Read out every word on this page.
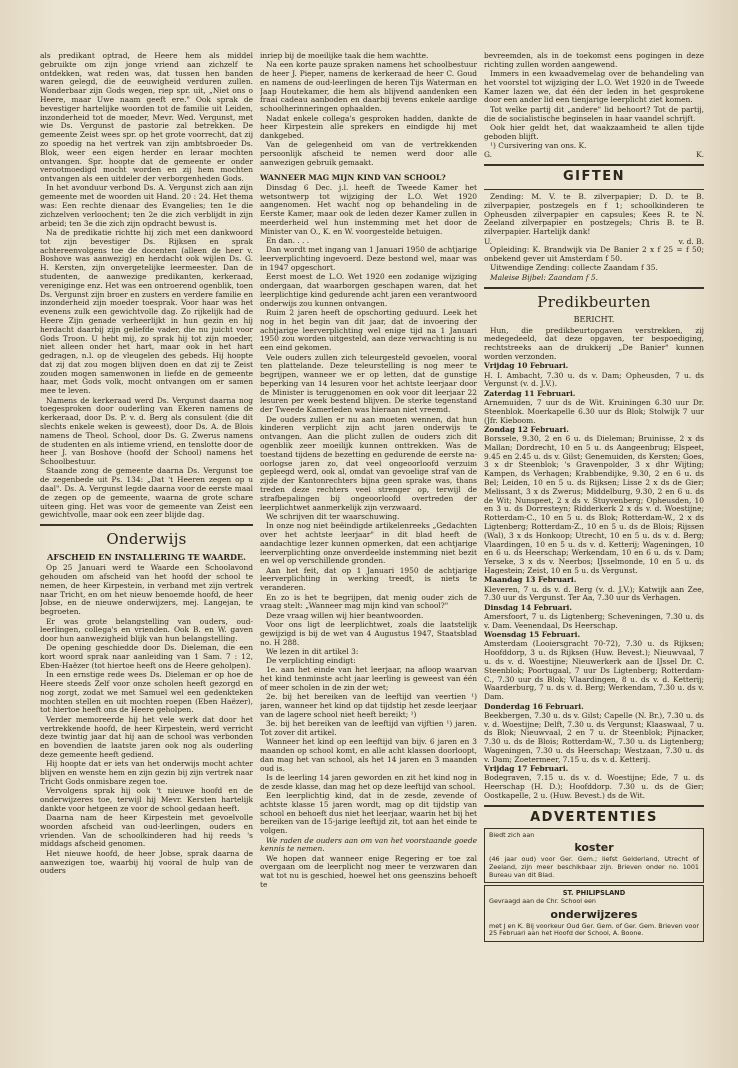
als predikant optrad, de Heere hem als middel gebruikte om zijn jonge vriend aan zichzelf te ontdekken, wat reden was, dat tussen hen banden waren gelegd, die de eeuwigheid verduren zullen. Wonderbaar zijn Gods wegen, riep spr. uit, „Niet ons o Heere, maar Uwe naam geeft ere." Ook sprak de bevestiger hartelijke woorden tot de familie uit Leiden, inzonderheid tot de moeder, Mevr. Wed. Vergunst, met wie Ds. Vergunst de pastorie zal betrekken. De gemeente Zeist wees spr. op het grote voorrecht, dat zij zo spoedig na het vertrek van zijn ambtsbroeder Ds. Blok, weer een eigen herder en leraar mochten ontvangen. Spr. hoopte dat de gemeente er onder verootmoedigd mocht worden en zij hem mochten ontvangen als een uitdeler der verborgenheden Gods.

In het avonduur verbond Ds. A. Vergunst zich aan zijn gemeente met de woorden uit Hand. 20 : 24. Het thema was: Een rechte dienaar des Evangelies; ten 1e die zichzelven verloochent; ten 2e die zich verblijdt in zijn arbeid; ten 3e die zich zijn opdracht bewust is.

Na de predikatie richtte hij zich met een dankwoord tot zijn bevestiger Ds. Rijksen en sprak achtereenvolgens toe de docenten (alleen de heer v. Boshove was aanwezig) en herdacht ook wijlen Ds. G. H. Kersten, zijn onvergetelijke leermeester. Dan de studenten, de aanwezige predikanten, kerkeraad, vereniginge enz. Het was een ontroerend ogenblik, toen Ds. Vergunst zijn broer en zusters en verdere familie en inzonderheid zijn moeder toesprak. Voor haar was het evenens zulk een gewichtvolle dag. Zo rijkelijk had de Heere Zijn genade verheerlijkt in hun gezin en hij herdacht daarbij zijn geliefde vader, die nu juicht voor Gods Troon. U hebt mij, zo sprak hij tot zijn moeder, niet alleen onder het hart, maar ook in het hart gedragen, n.l. op de vleugelen des gebeds. Hij hoopte dat zij dat zou mogen blijven doen en dat zij te Zeist zouden mogen samenwonen in liefde en de gemeente haar, met Gods volk, mocht ontvangen om er samen mee te leven.

Namens de kerkeraad werd Ds. Vergunst daarna nog toegesproken door ouderling van Ekeren namens de kerkeraad, door Ds. P. v. d. Berg als consulent (die dit slechts enkele weken is geweest), door Ds. A. de Blois namens de Theol. School, door Ds. G. Zwerus namens de studenten en als intieme vriend, en tenslotte door de heer J. van Boshove (hoofd der School) namens het Schoolbestuur.

Staande zong de gemeente daarna Ds. Vergunst toe de zegenbede uit Ps. 134: „Dat 't Heeren zegen op u daal". Ds. A. Vergunst legde daarna voor de eerste maal de zegen op de gemeente, waarna de grote schare uiteen ging. Het was voor de gemeente van Zeist een gewichtvolle, maar ook een zeer blijde dag.

Onderwijs
AFSCHEID EN INSTALLERING TE WAARDE.

Op 25 Januari werd te Waarde een Schoolavond gehouden om afscheid van het hoofd der school te nemen, de heer Kirpestein, in verband met zijn vertrek naar Tricht, en om het nieuw benoemde hoofd, de heer Jobse, en de nieuwe onderwijzers, mej. Langejan, te begroeten.

Er was grote belangstelling van ouders, oud-leerlingen, collega's en vrienden. Ook B. en W. gaven door hun aanwezigheid blijk van hun belangstelling.

De opening geschiedde door Ds. Dieleman, die een kort woord sprak naar aanleiding van 1 Sam. 7 : 12, Eben-Haëzer (tot hiertoe heeft ons de Heere geholpen).

In een ernstige rede wees Ds. Dieleman er op hoe de Heere steeds Zelf voor onze scholen heeft gezorgd en nog zorgt, zodat we met Samuel wel een gedenkteken mochten stellen en uit mochten roepen (Eben Haëzer), tot hiertoe heeft ons de Heere geholpen.

Verder memoreerde hij het vele werk dat door het vertrekkende hoofd, de heer Kirpestein, werd verricht deze twintig jaar dat hij aan de school was verbonden en bovendien de laatste jaren ook nog als ouderling deze gemeente heeft gediend.

Hij hoopte dat er iets van het onderwijs mocht achter blijven en wenste hem en zijn gezin bij zijn vertrek naar Tricht Gods onmisbare zegen toe.

Vervolgens sprak hij ook 't nieuwe hoofd en de onderwijzeres toe, terwijl hij Mevr. Kersten hartelijk dankte voor hetgeen ze voor de school gedaan heeft.

Daarna nam de heer Kirpestein met gevoelvolle woorden afscheid van oud-leerlingen, ouders en vrienden. Van de schoolkinderen had hij reeds 's middags afscheid genomen.

Het nieuwe hoofd, de heer Jobse, sprak daarna de aanwezigen toe, waarbij hij vooral de hulp van de ouders

inriep bij de moeilijke taak die hem wachtte.

Na een korte pauze spraken namens het schoolbestuur de heer J. Pieper, namens de kerkeraad de heer C. Goud en namens de oud-leerlingen de heren Tijs Waterman en Jaap Houtekamer, die hem als blijvend aandenken een fraai cadeau aanboden en daarbij tevens enkele aardige schoolherinneringen ophaalden.

Nadat enkele collega's gesproken hadden, dankte de heer Kirpestein alle sprekers en eindigde hij met dankgebed.

Van de gelegenheid om van de vertrekkenden persoonlijk afscheid te nemen werd door alle aanwezigen gebruik gemaakt.

WANNEER MAG MIJN KIND VAN SCHOOL?

Dinsdag 6 Dec. j.l. heeft de Tweede Kamer het wetsontwerp tot wijziging der L.O. Wet 1920 aangenomen. Het wacht nog op behandeling in de Eerste Kamer, maar ook de leden dezer Kamer zullen in meerderheid wel hun instemming met het door de Minister van O., K. en W. voorgestelde betuigen.

En dan. . . .

Dan wordt met ingang van 1 Januari 1950 de achtjarige leerverplichting ingevoerd. Deze bestond wel, maar was in 1947 opgeschort.

Eerst moest de L.O. Wet 1920 een zodanige wijziging ondergaan, dat waarborgen geschapen waren, dat het leerplichtige kind gedurende acht jaren een verantwoord onderwijs zou kunnen ontvangen.

Ruim 2 jaren heeft de opschorting geduurd. Leek het nog in het begin van dit jaar, dat de invoering der achtjarige leerverplichting wel enige tijd na 1 Januari 1950 zou worden uitgesteld, aan deze verwachting is nu een eind gekomen.

Vele ouders zullen zich teleurgesteld gevoelen, vooral ten plattelande. Deze teleurstelling is nog meer te begrijpen, wanneer we er op letten, dat de gunstige beperking van 14 lesuren voor het achtste leerjaar door de Minister is teruggenomen en ook voor dit leerjaar 22 lesuren per week bestend blijven. De sterke tegenstand der Tweede Kamerleden was hieraan niet vreemd.

De ouders zullen er nu aan moeten wennen, dat hun kinderen verplicht zijn acht jaren onderwijs te ontvangen. Aan die plicht zullen de ouders zich dit ogenblik zeer moeilijk kunnen onttrekken. Was de toestand tijdens de bezetting en gedurende de eerste na-oorlogse jaren zo, dat veel ongeoorloofd verzuim gepleegd werd, ook al, omdat van gevoelige straf van de zijde der Kantonrechters bijna geen sprake was, thans treden deze rechters veel strenger op, terwijl de strafbepalingen bij ongeoorloofd overtreden der leerplichtwet aanmerkelijk zijn verzwaard.

We schrijven dit ter waarschuwing.

In onze nog niet beëindigde artikelenreeks „Gedachten over het achtste leerjaar" in dit blad heeft de aandachtige lezer kunnen opmerken, dat een achtjarige leerverplichting onze onverdeelde instemming niet bezit en wel op verschillende gronden.

Aan het feit, dat op 1 Januari 1950 de achtjarige leerverplichting in werking treedt, is niets te veranderen.

En zo is het te begrijpen, dat menig ouder zich de vraag stelt: „Wanneer mag mijn kind van school?"

Deze vraag willen wij hier beantwoorden.

Voor ons ligt de leerplichtwet, zoals die laatstelijk gewijzigd is bij de wet van 4 Augustus 1947, Staatsblad no. H 288.

We lezen in dit artikel 3:

De verplichting eindigt:

1e. aan het einde van het leerjaar, na afloop waarvan het kind tenminste acht jaar leerling is geweest van één of meer scholen in de zin der wet;

2e. bij het bereiken van de leeftijd van veertien ¹) jaren, wanneer het kind op dat tijdstip het zesde leerjaar van de lagere school niet heeft bereikt; ¹)

3e. bij het bereiken van de leeftijd van vijftien ¹) jaren. Tot zover dit artikel.

Wanneer het kind op een leeftijd van bijv. 6 jaren en 3 maanden op school komt, en alle acht klassen doorloopt, dan mag het van school, als het 14 jaren en 3 maanden oud is.

Is de leerling 14 jaren geworden en zit het kind nog in de zesde klasse, dan mag het op deze leeftijd van school.

Een leerplichtig kind, dat in de zesde, zevende of achtste klasse 15 jaren wordt, mag op dit tijdstip van school en behoeft dus niet het leerjaar, waarin het bij het bereiken van de 15-jarige leeftijd zit, tot aan het einde te volgen.

We raden de ouders aan om van het voorstaande goede kennis te nemen.

We hopen dat wanneer enige Regering er toe zal overgaan om de leerplicht nog meer te verzwaren dan wat tot nu is geschied, hoewel het ons geenszins behoeft te

bevreemden, als in de toekomst eens pogingen in deze richting zullen worden aangewend.

Immers in een kwaadvemelag over de behandeling van het voorstel tot wijziging der L.O. Wet 1920 in de Tweede Kamer lazen we, dat één der leden in het gesprokene door een ander lid een tienjarige leerplicht ziet komen.

Tot welke partij dit „andere" lid behoort? Tot de partij, die de socialistische beginselen in haar vaandel schrijft.

Ook hier geldt het, dat waakzaamheid te allen tijde geboden blijft.

¹) Cursivering van ons. K.

G.	K.
GIFTEN

Zending: M. V. te B. zilverpapier; D. D. te B. zilverpapier, postzegels en f 1; schoolkinderen te Opheusden zilverpapier en capsules; Kees R. te N. Zeeland zilverpapier en postzegels; Chris B. te B. zilverpapier. Hartelijk dank!

U.	v. d. B.

Opleiding: K. Brandwijk via De Banier 2 x f 25 = f 50; onbekend gever uit Amsterdam f 50.

Uitwendige Zending: collecte Zaandam f 35.

Maleise Bijbel: Zaandam f 5.

Predikbeurten
BERICHT.

Hun, die predikbeurtopgaven verstrekken, zij medegedeeld, dat deze opgaven, ter bespoediging, rechtstreeks aan de drukkerij „De Banier" kunnen worden verzonden.

Vrijdag 10 Februari.

H. I. Ambacht, 7.30 u. ds v. Dam; Opheusden, 7 u. ds Vergunst (v. d. J.V.).

Zaterdag 11 Februari.

Arnemuiden, 7 uur ds de Wit. Kruiningen 6.30 uur Dr. Steenblok. Moerkapelle 6.30 uur ds Blok; Stolwijk 7 uur (Jfr. Kieboom.

Zondag 12 Februari.

Borssele, 9.30, 2 en 6 u. ds Dieleman; Bruinisse, 2 x ds Mallan; Dordrecht, 10 en 5 u. ds Aangeenbrug; Elspeet, 9.45 en 2.45 u. ds v. Gilst; Genemuiden, ds Kersten; Goes, 3 x dr Steenblok; 's Gravenpolder, 3 x dhr Wijting; Kampen, ds Verhagen; Krabbendijke, 9.30, 2 en 6 u. ds Bel; Leiden, 10 en 5 u. ds Rijksen; Lisse 2 x ds de Gier; Melissant, 3 x ds Zwerus; Middelburg, 9.30, 2 en 6 u. ds de Wit; Nunspeet, 2 x ds v. Stuyvenberg; Opheusden, 10 en 3 u. ds Dorresteyn; Ridderkerk 2 x ds v. d. Woestijne; Rotterdam-C., 10 en 5 u. ds Blok; Rotterdam-W., 2 x ds Ligtenberg; Rotterdam-Z., 10 en 5 u. ds de Blois; Rijssen (Wal), 3 x ds Honkoop; Utrecht, 10 en 5 u. ds v. d. Berg; Vlaardingen, 10 en 5 u. ds v. d. Ketterij; Wageningen, 10 en 6 u. ds Heerschap; Werkendam, 10 en 6 u. ds v. Dam; Yerseke, 3 x ds v. Neerbos; IJsselmonde, 10 en 5 u. ds Hagestein; Zeist, 10 en 5 u. ds Vergunst.

Maandag 13 Februari.

Kleveren, 7 u. ds v. d. Berg (v. d. J.V.); Katwijk aan Zee, 7.30 uur ds Vergunst. Ter Aa, 7.30 uur ds Verhagen.

Dinsdag 14 Februari.

Amersfoort, 7 u. ds Ligtenberg; Scheveningen, 7.30 u. ds v. Dam. Veenendaal, Ds Heerschap.

Woensdag 15 Februari.

Amsterdam (Looiersgracht 70-72), 7.30 u. ds Rijksen; Hoofddorp, 3 u. ds Rijksen (Huw. Bevest.); Nieuwvaal, 7 u. ds v. d. Woestijne; Nieuwerkerk aan de IJssel Dr. C. Steenblok; Poortugaal, 7 uur Ds Ligtenberg; Rotterdam-C., 7.30 uur ds Blok; Vlaardingen, 8 u. ds v. d. Ketterij; Waarderburg, 7 u. ds v. d. Berg; Werkendam, 7.30 u. ds v. Dam.

Donderdag 16 Februari.

Beekbergen, 7.30 u. ds v. Gilst; Capelle (N. Br.), 7.30 u. ds v. d. Woestijne; Delft, 7.30 u. ds Vergunst; Klaaswaal, 7 u. ds Blok; Nieuwvaal, 2 en 7 u. dr Steenblok; Pijnacker, 7.30 u. ds de Blois; Rotterdam-W., 7.30 u. ds Ligtenberg; Wageningen, 7.30 u. ds Heerschap; Westzaan, 7.30 u. ds v. Dam; Zoetermeer, 7.15 u. ds v. d. Ketterij.

Vrijdag 17 Februari.

Bodegraven, 7.15 u. ds v. d. Woestijne; Ede, 7 u. ds Heerschap (H. D.); Hoofddorp. 7.30 u. ds de Gier; Oostkapelle, 2 u. (Huw. Bevest.) ds de Wit.

ADVERTENTIES
Biedt zich aan
koster
(46 jaar oud) voor Ger. Gem.; liefst Gelderland, Utrecht of Zeeland, zijn meer beschikbaar zijn. Brieven onder no. 1001 Bureau van dit Blad.
ST. PHILIPSLAND
Gevraagd aan de Chr. School een
onderwijzeres
met J en K. Bij voorkeur Oud Ger. Gem. of Ger. Gem. Brieven voor 25 Februari aan het Hoofd der School, A. Boone.
